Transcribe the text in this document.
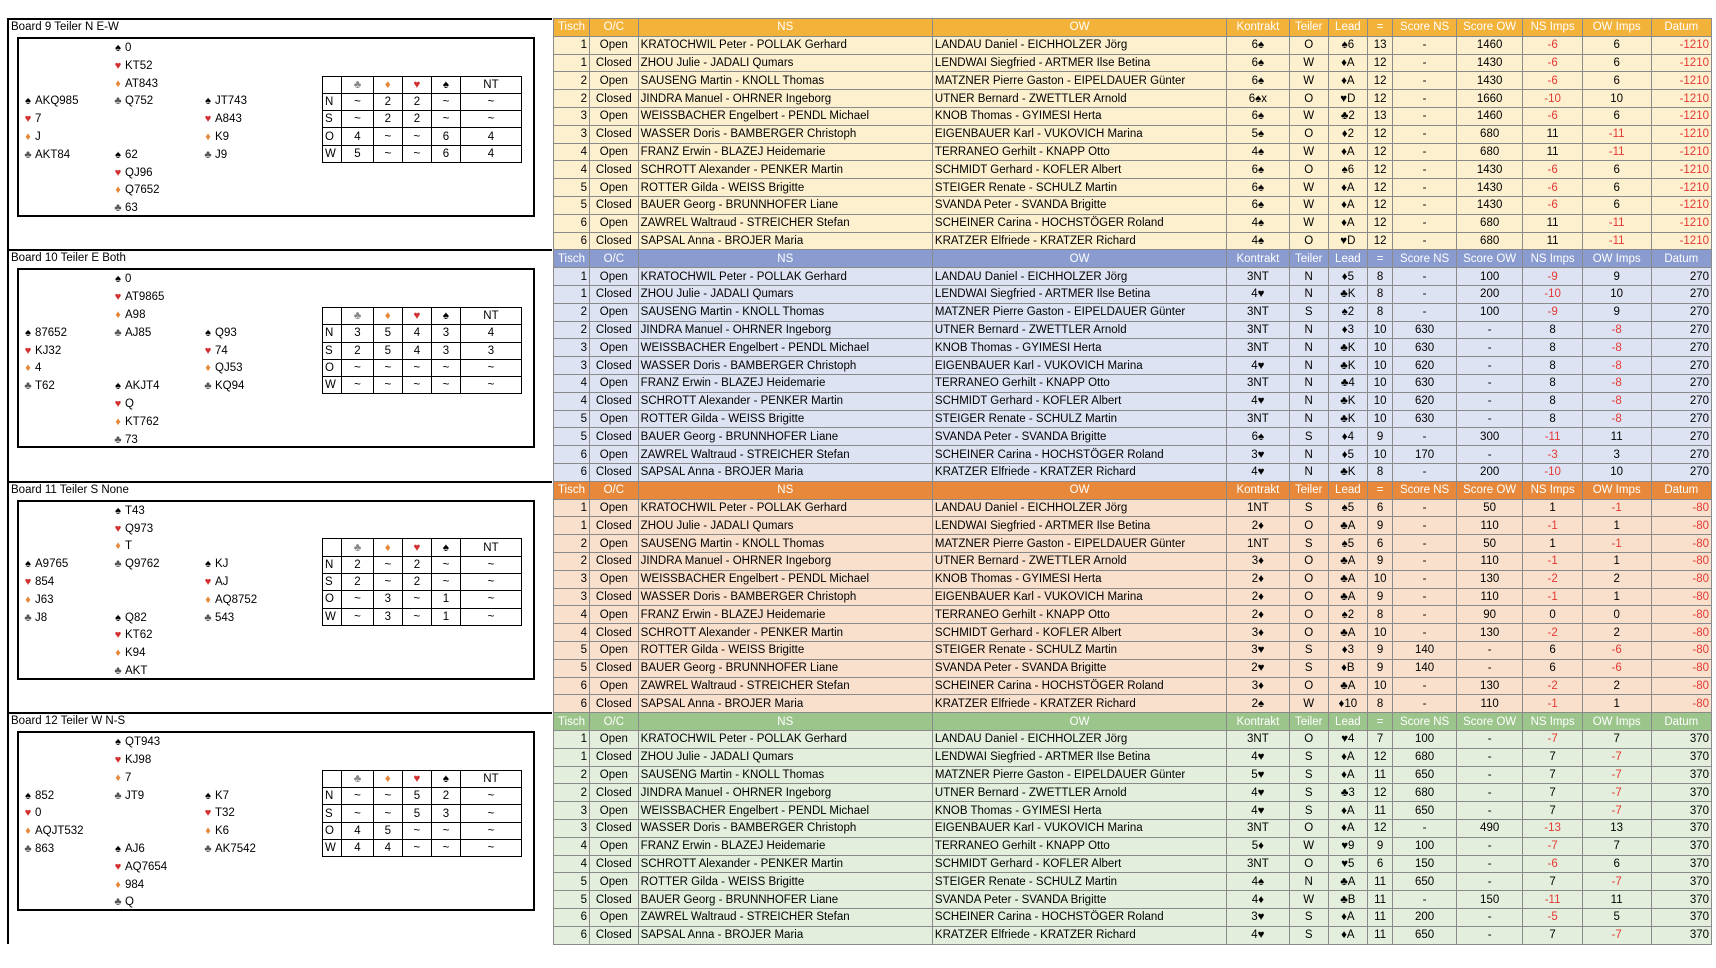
Board 9 Teiler N E-W
♠ 0
♥ KT52
♦ AT843
♣ Q752
♠ AKQ985
♥ 7
♦ J
♣ AKT84
♠ JT743
♥ A843
♦ K9
♣ J9
♠ 62
♥ QJ96
♦ Q7652
♣ 63
	♣	♦	♥	♠	NT
N	~	2	2	~	~
S	~	2	2	~	~
O	4	~	~	6	4
W	5	~	~	6	4
Tisch	O/C	NS	OW	Kontrakt	Teiler	Lead	=	Score NS	Score OW	NS Imps	OW Imps	Datum
1	Open	KRATOCHWIL Peter - POLLAK Gerhard	LANDAU Daniel - EICHHOLZER Jörg	6♠	O	♠6	13	-	1460	-6	6	-1210
1	Closed	ZHOU Julie - JADALI Qumars	LENDWAI Siegfried - ARTMER Ilse Betina	6♠	W	♦A	12	-	1430	-6	6	-1210
2	Open	SAUSENG Martin - KNOLL Thomas	MATZNER Pierre Gaston - EIPELDAUER Günter	6♠	W	♦A	12	-	1430	-6	6	-1210
2	Closed	JINDRA Manuel - OHRNER Ingeborg	UTNER Bernard - ZWETTLER Arnold	6♠x	O	♥D	12	-	1660	-10	10	-1210
3	Open	WEISSBACHER Engelbert - PENDL Michael	KNOB Thomas - GYIMESI Herta	6♠	W	♣2	13	-	1460	-6	6	-1210
3	Closed	WASSER Doris - BAMBERGER Christoph	EIGENBAUER Karl - VUKOVICH Marina	5♠	O	♦2	12	-	680	11	-11	-1210
4	Open	FRANZ Erwin - BLAZEJ Heidemarie	TERRANEO Gerhilt - KNAPP Otto	4♠	W	♦A	12	-	680	11	-11	-1210
4	Closed	SCHROTT Alexander - PENKER Martin	SCHMIDT Gerhard - KOFLER Albert	6♠	O	♠6	12	-	1430	-6	6	-1210
5	Open	ROTTER Gilda - WEISS Brigitte	STEIGER Renate - SCHULZ Martin	6♠	W	♦A	12	-	1430	-6	6	-1210
5	Closed	BAUER Georg - BRUNNHOFER Liane	SVANDA Peter - SVANDA Brigitte	6♠	W	♦A	12	-	1430	-6	6	-1210
6	Open	ZAWREL Waltraud - STREICHER Stefan	SCHEINER Carina - HOCHSTÖGER Roland	4♠	W	♦A	12	-	680	11	-11	-1210
6	Closed	SAPSAL Anna - BROJER Maria	KRATZER Elfriede - KRATZER Richard	4♠	O	♥D	12	-	680	11	-11	-1210
Board 10 Teiler E Both
♠ 0
♥ AT9865
♦ A98
♣ AJ85
♠ 87652
♥ KJ32
♦ 4
♣ T62
♠ Q93
♥ 74
♦ QJ53
♣ KQ94
♠ AKJT4
♥ Q
♦ KT762
♣ 73
	♣	♦	♥	♠	NT
N	3	5	4	3	4
S	2	5	4	3	3
O	~	~	~	~	~
W	~	~	~	~	~
Tisch	O/C	NS	OW	Kontrakt	Teiler	Lead	=	Score NS	Score OW	NS Imps	OW Imps	Datum
1	Open	KRATOCHWIL Peter - POLLAK Gerhard	LANDAU Daniel - EICHHOLZER Jörg	3NT	N	♦5	8	-	100	-9	9	270
1	Closed	ZHOU Julie - JADALI Qumars	LENDWAI Siegfried - ARTMER Ilse Betina	4♥	N	♣K	8	-	200	-10	10	270
2	Open	SAUSENG Martin - KNOLL Thomas	MATZNER Pierre Gaston - EIPELDAUER Günter	3NT	S	♠2	8	-	100	-9	9	270
2	Closed	JINDRA Manuel - OHRNER Ingeborg	UTNER Bernard - ZWETTLER Arnold	3NT	N	♦3	10	630	-	8	-8	270
3	Open	WEISSBACHER Engelbert - PENDL Michael	KNOB Thomas - GYIMESI Herta	3NT	N	♣K	10	630	-	8	-8	270
3	Closed	WASSER Doris - BAMBERGER Christoph	EIGENBAUER Karl - VUKOVICH Marina	4♥	N	♣K	10	620	-	8	-8	270
4	Open	FRANZ Erwin - BLAZEJ Heidemarie	TERRANEO Gerhilt - KNAPP Otto	3NT	N	♣4	10	630	-	8	-8	270
4	Closed	SCHROTT Alexander - PENKER Martin	SCHMIDT Gerhard - KOFLER Albert	4♥	N	♣K	10	620	-	8	-8	270
5	Open	ROTTER Gilda - WEISS Brigitte	STEIGER Renate - SCHULZ Martin	3NT	N	♣K	10	630	-	8	-8	270
5	Closed	BAUER Georg - BRUNNHOFER Liane	SVANDA Peter - SVANDA Brigitte	6♠	S	♦4	9	-	300	-11	11	270
6	Open	ZAWREL Waltraud - STREICHER Stefan	SCHEINER Carina - HOCHSTÖGER Roland	3♥	N	♦5	10	170	-	-3	3	270
6	Closed	SAPSAL Anna - BROJER Maria	KRATZER Elfriede - KRATZER Richard	4♥	N	♣K	8	-	200	-10	10	270
Board 11 Teiler S None
♠ T43
♥ Q973
♦ T
♣ Q9762
♠ A9765
♥ 854
♦ J63
♣ J8
♠ KJ
♥ AJ
♦ AQ8752
♣ 543
♠ Q82
♥ KT62
♦ K94
♣ AKT
	♣	♦	♥	♠	NT
N	2	~	2	~	~
S	2	~	2	~	~
O	~	3	~	1	~
W	~	3	~	1	~
Tisch	O/C	NS	OW	Kontrakt	Teiler	Lead	=	Score NS	Score OW	NS Imps	OW Imps	Datum
1	Open	KRATOCHWIL Peter - POLLAK Gerhard	LANDAU Daniel - EICHHOLZER Jörg	1NT	S	♠5	6	-	50	1	-1	-80
1	Closed	ZHOU Julie - JADALI Qumars	LENDWAI Siegfried - ARTMER Ilse Betina	2♦	O	♣A	9	-	110	-1	1	-80
2	Open	SAUSENG Martin - KNOLL Thomas	MATZNER Pierre Gaston - EIPELDAUER Günter	1NT	S	♠5	6	-	50	1	-1	-80
2	Closed	JINDRA Manuel - OHRNER Ingeborg	UTNER Bernard - ZWETTLER Arnold	3♦	O	♣A	9	-	110	-1	1	-80
3	Open	WEISSBACHER Engelbert - PENDL Michael	KNOB Thomas - GYIMESI Herta	2♦	O	♣A	10	-	130	-2	2	-80
3	Closed	WASSER Doris - BAMBERGER Christoph	EIGENBAUER Karl - VUKOVICH Marina	2♦	O	♣A	9	-	110	-1	1	-80
4	Open	FRANZ Erwin - BLAZEJ Heidemarie	TERRANEO Gerhilt - KNAPP Otto	2♦	O	♠2	8	-	90	0	0	-80
4	Closed	SCHROTT Alexander - PENKER Martin	SCHMIDT Gerhard - KOFLER Albert	3♦	O	♣A	10	-	130	-2	2	-80
5	Open	ROTTER Gilda - WEISS Brigitte	STEIGER Renate - SCHULZ Martin	3♥	S	♦3	9	140	-	6	-6	-80
5	Closed	BAUER Georg - BRUNNHOFER Liane	SVANDA Peter - SVANDA Brigitte	2♥	S	♦B	9	140	-	6	-6	-80
6	Open	ZAWREL Waltraud - STREICHER Stefan	SCHEINER Carina - HOCHSTÖGER Roland	3♦	O	♣A	10	-	130	-2	2	-80
6	Closed	SAPSAL Anna - BROJER Maria	KRATZER Elfriede - KRATZER Richard	2♠	W	♦10	8	-	110	-1	1	-80
Board 12 Teiler W N-S
♠ QT943
♥ KJ98
♦ 7
♣ JT9
♠ 852
♥ 0
♦ AQJT532
♣ 863
♠ K7
♥ T32
♦ K6
♣ AK7542
♠ AJ6
♥ AQ7654
♦ 984
♣ Q
	♣	♦	♥	♠	NT
N	~	~	5	2	~
S	~	~	5	3	~
O	4	5	~	~	~
W	4	4	~	~	~
Tisch	O/C	NS	OW	Kontrakt	Teiler	Lead	=	Score NS	Score OW	NS Imps	OW Imps	Datum
1	Open	KRATOCHWIL Peter - POLLAK Gerhard	LANDAU Daniel - EICHHOLZER Jörg	3NT	O	♥4	7	100	-	-7	7	370
1	Closed	ZHOU Julie - JADALI Qumars	LENDWAI Siegfried - ARTMER Ilse Betina	4♥	S	♦A	12	680	-	7	-7	370
2	Open	SAUSENG Martin - KNOLL Thomas	MATZNER Pierre Gaston - EIPELDAUER Günter	5♥	S	♦A	11	650	-	7	-7	370
2	Closed	JINDRA Manuel - OHRNER Ingeborg	UTNER Bernard - ZWETTLER Arnold	4♥	S	♣3	12	680	-	7	-7	370
3	Open	WEISSBACHER Engelbert - PENDL Michael	KNOB Thomas - GYIMESI Herta	4♥	S	♦A	11	650	-	7	-7	370
3	Closed	WASSER Doris - BAMBERGER Christoph	EIGENBAUER Karl - VUKOVICH Marina	3NT	O	♦A	12	-	490	-13	13	370
4	Open	FRANZ Erwin - BLAZEJ Heidemarie	TERRANEO Gerhilt - KNAPP Otto	5♦	W	♥9	9	100	-	-7	7	370
4	Closed	SCHROTT Alexander - PENKER Martin	SCHMIDT Gerhard - KOFLER Albert	3NT	O	♥5	6	150	-	-6	6	370
5	Open	ROTTER Gilda - WEISS Brigitte	STEIGER Renate - SCHULZ Martin	4♠	N	♣A	11	650	-	7	-7	370
5	Closed	BAUER Georg - BRUNNHOFER Liane	SVANDA Peter - SVANDA Brigitte	4♦	W	♣B	11	-	150	-11	11	370
6	Open	ZAWREL Waltraud - STREICHER Stefan	SCHEINER Carina - HOCHSTÖGER Roland	3♥	S	♦A	11	200	-	-5	5	370
6	Closed	SAPSAL Anna - BROJER Maria	KRATZER Elfriede - KRATZER Richard	4♥	S	♦A	11	650	-	7	-7	370
